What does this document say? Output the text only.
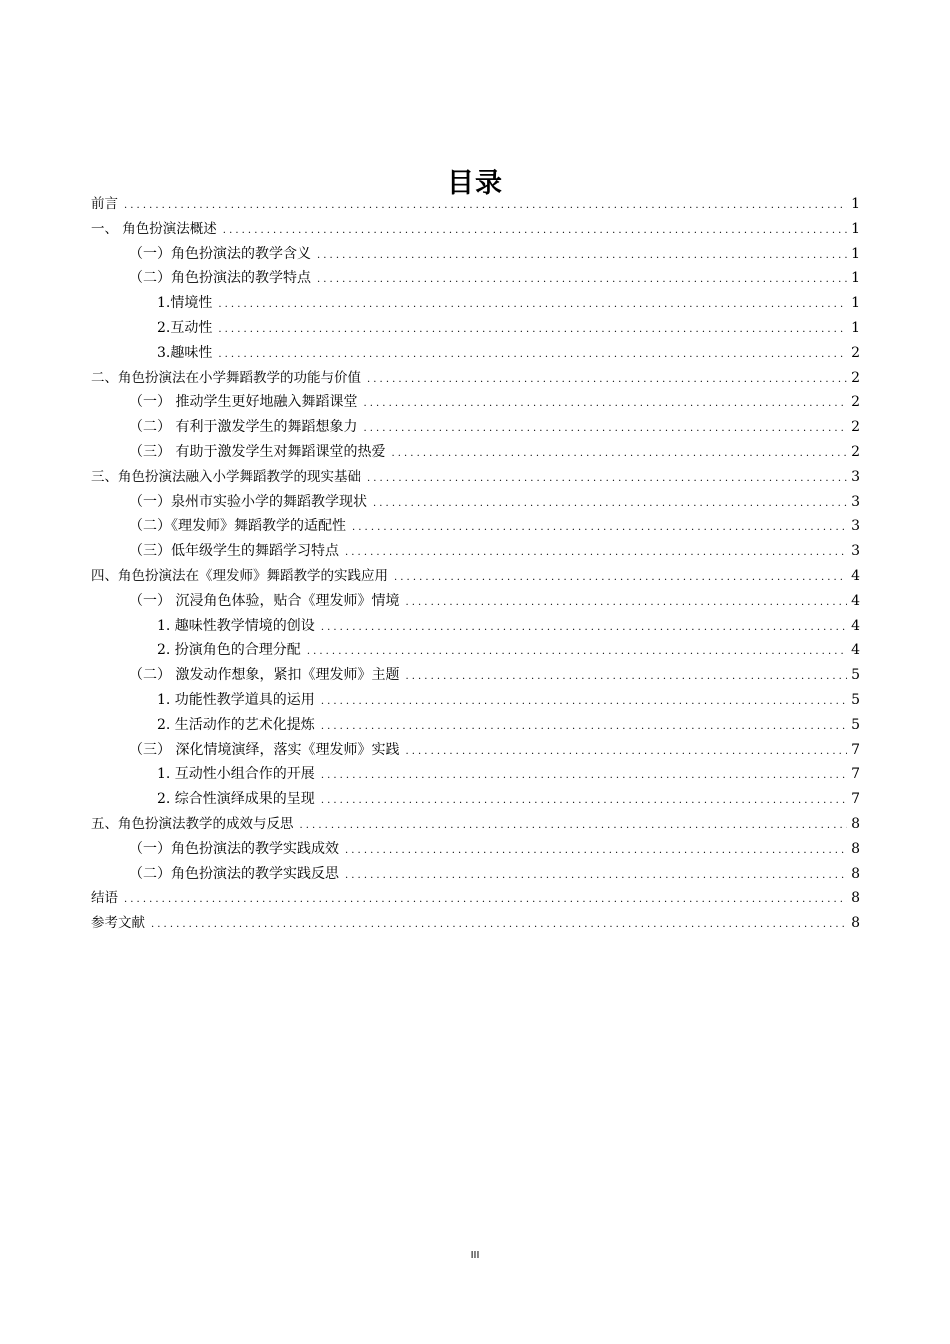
目录
前言 .....	1
一、 角色扮演法概述 .....	1
（一）角色扮演法的教学含义 .....	1
（二）角色扮演法的教学特点 .....	1
1.情境性 .....	1
2.互动性 .....	1
3.趣味性 .....	2
二、角色扮演法在小学舞蹈教学的功能与价值 .....	2
（一） 推动学生更好地融入舞蹈课堂 .....	2
（二） 有利于激发学生的舞蹈想象力 .....	2
（三） 有助于激发学生对舞蹈课堂的热爱 .....	2
三、角色扮演法融入小学舞蹈教学的现实基础 .....	3
（一）泉州市实验小学的舞蹈教学现状 .....	3
（二）《理发师》舞蹈教学的适配性 .....	3
（三）低年级学生的舞蹈学习特点 .....	3
四、角色扮演法在《理发师》舞蹈教学的实践应用 .....	4
（一） 沉浸角色体验，贴合《理发师》情境 .....	4
1. 趣味性教学情境的创设 .....	4
2. 扮演角色的合理分配 .....	4
（二） 激发动作想象，紧扣《理发师》主题 .....	5
1. 功能性教学道具的运用 .....	5
2. 生活动作的艺术化提炼 .....	5
（三） 深化情境演绎，落实《理发师》实践 .....	7
1. 互动性小组合作的开展 .....	7
2. 综合性演绎成果的呈现 .....	7
五、角色扮演法教学的成效与反思 .....	8
（一）角色扮演法的教学实践成效 .....	8
（二）角色扮演法的教学实践反思 .....	8
结语 .....	8
参考文献 .....	8
III
